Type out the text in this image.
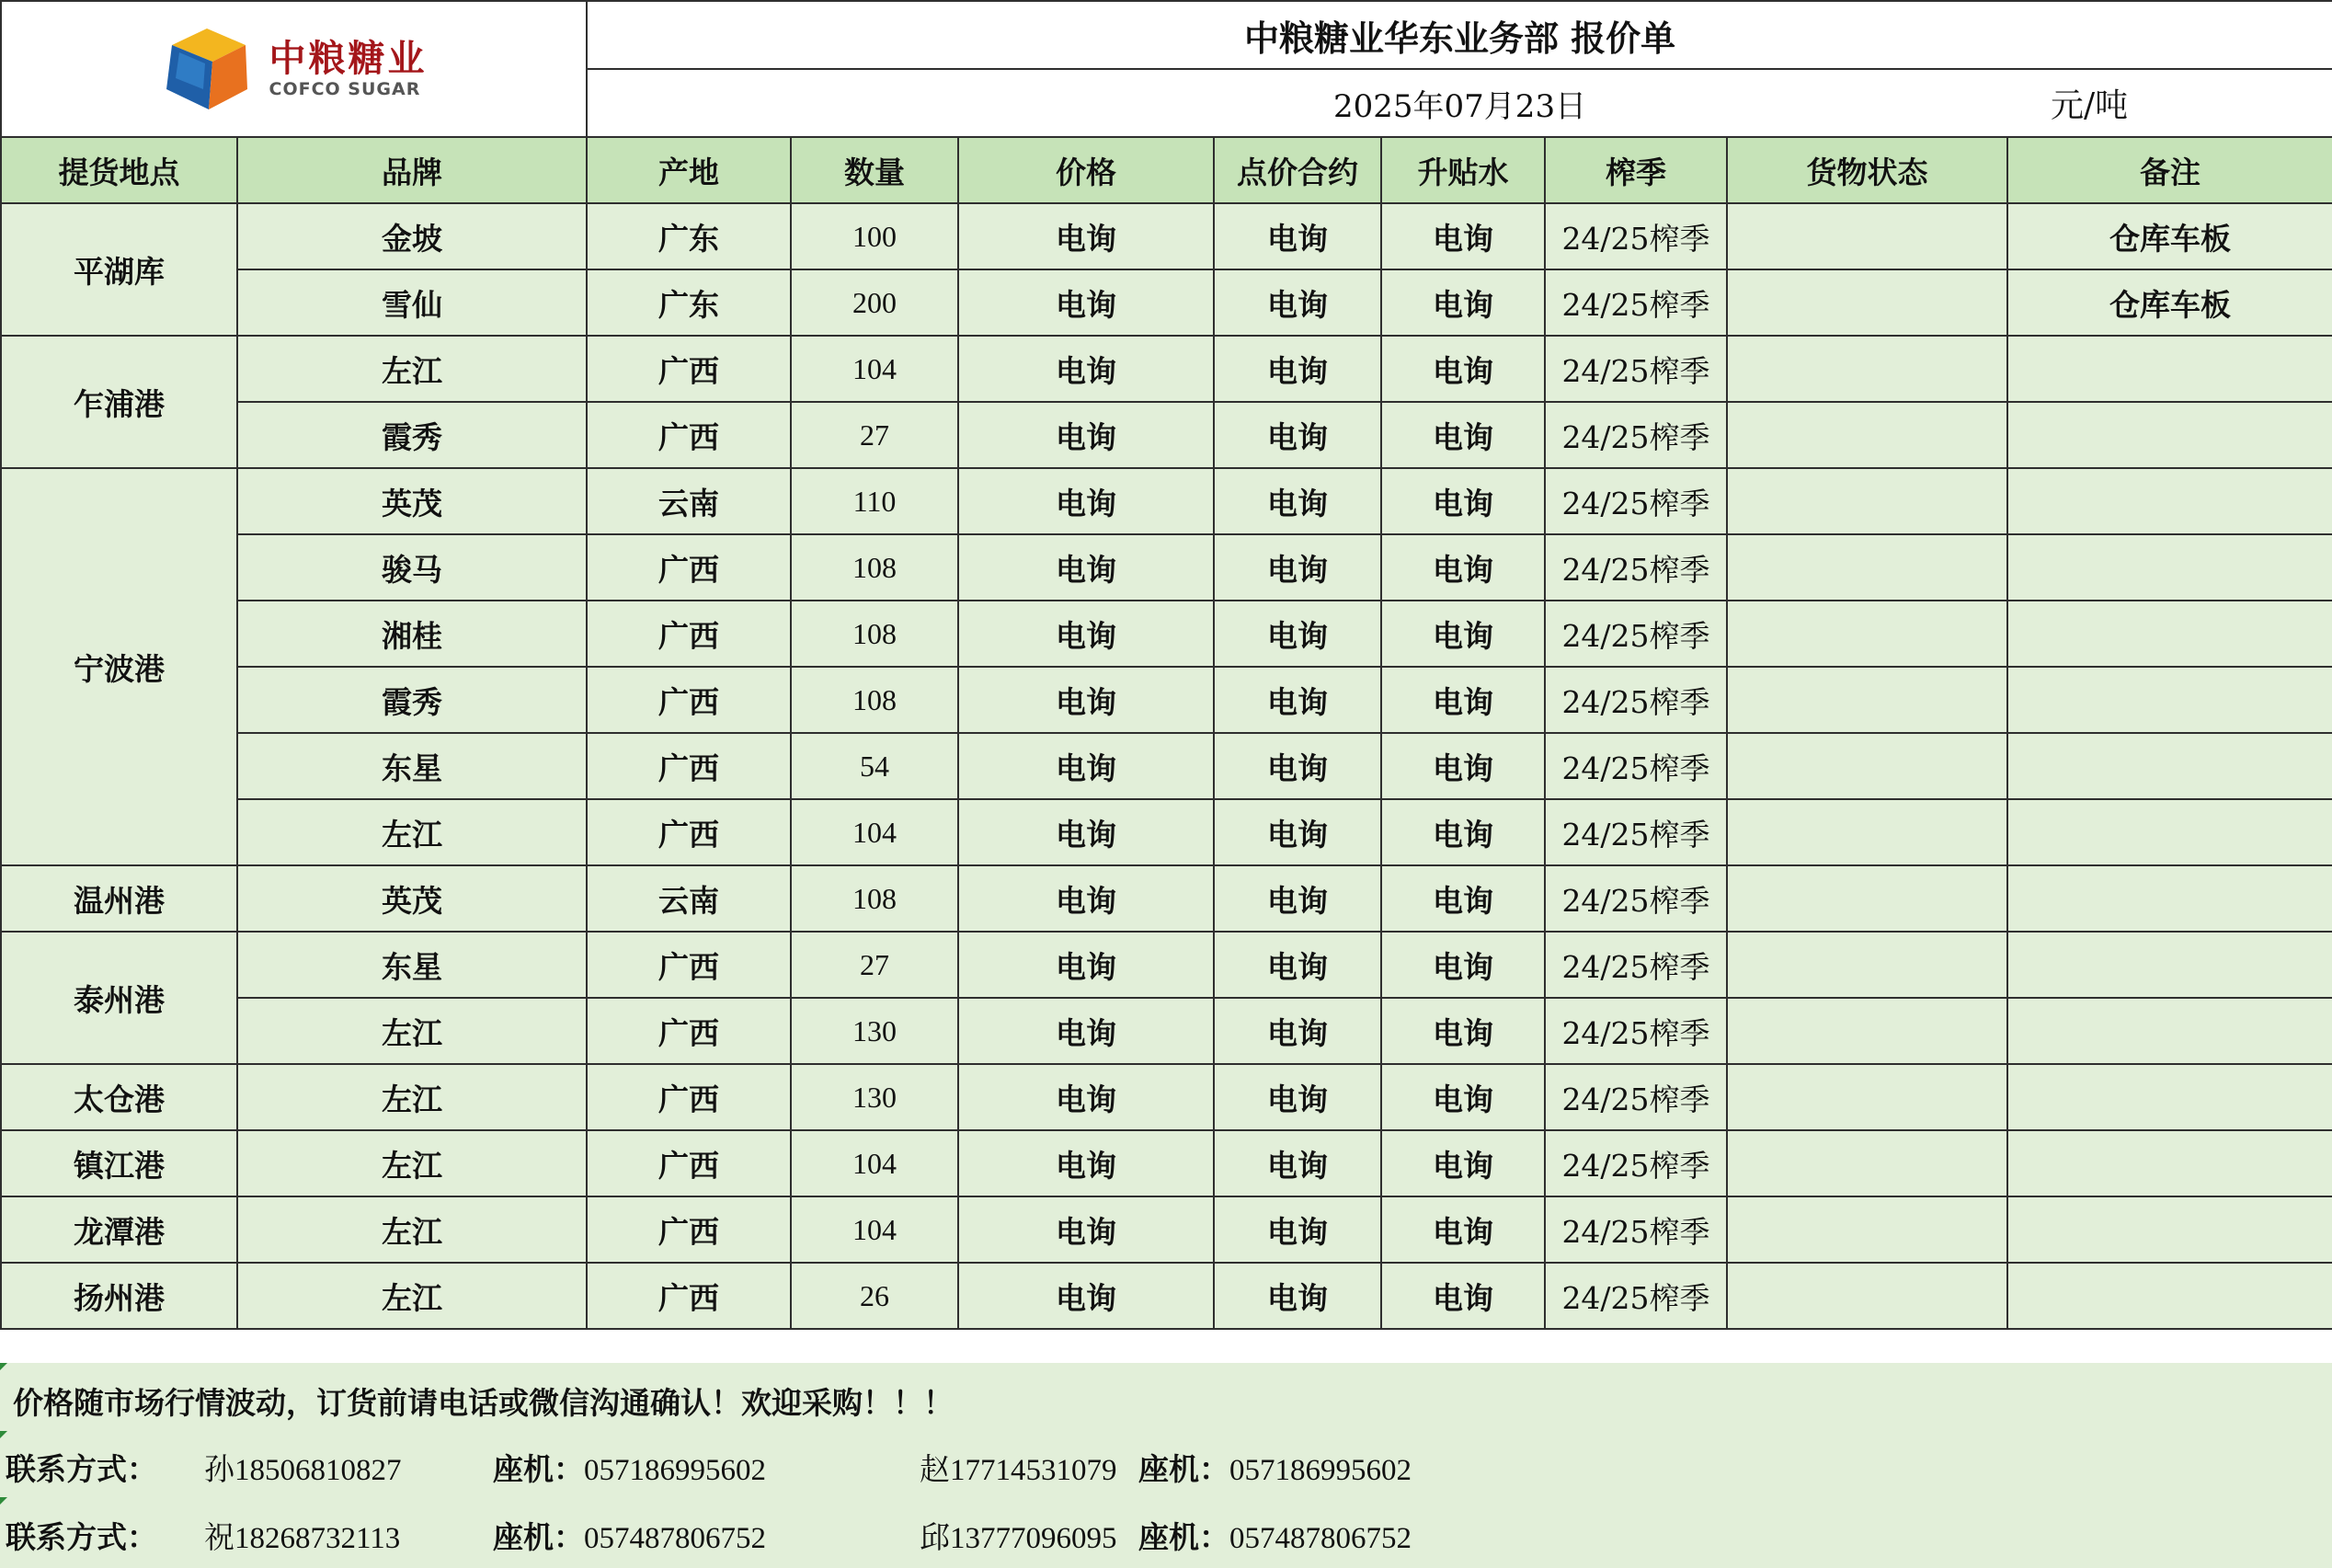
中粮糖业
COFCO SUGAR		中粮糖业华东业务部 报价单							
		2025年07月23日 元/吨							

提货地点	品牌	产地	数量	价格	点价合约	升贴水	榨季	货物状态	备注
平湖库	金坡	广东	100	电询	电询	电询	24/25榨季		仓库车板
	雪仙	广东	200	电询	电询	电询	24/25榨季		仓库车板
乍浦港	左江	广西	104	电询	电询	电询	24/25榨季		
	霞秀	广西	27	电询	电询	电询	24/25榨季		
宁波港	英茂	云南	110	电询	电询	电询	24/25榨季		
	骏马	广西	108	电询	电询	电询	24/25榨季		
	湘桂	广西	108	电询	电询	电询	24/25榨季		
	霞秀	广西	108	电询	电询	电询	24/25榨季		
	东星	广西	54	电询	电询	电询	24/25榨季		
	左江	广西	104	电询	电询	电询	24/25榨季		
温州港	英茂	云南	108	电询	电询	电询	24/25榨季		
泰州港	东星	广西	27	电询	电询	电询	24/25榨季		
	左江	广西	130	电询	电询	电询	24/25榨季		
太仓港	左江	广西	130	电询	电询	电询	24/25榨季		
镇江港	左江	广西	104	电询	电询	电询	24/25榨季		
龙潭港	左江	广西	104	电询	电询	电询	24/25榨季		
扬州港	左江	广西	26	电询	电询	电询	24/25榨季		
价格随市场行情波动，订货前请电话或微信沟通确认！欢迎采购！！！
联系方式： 孙18506810827	座机：057186995602	赵17714531079 座机：057186995602
联系方式： 祝18268732113	座机：057487806752	邱13777096095 座机：057487806752
